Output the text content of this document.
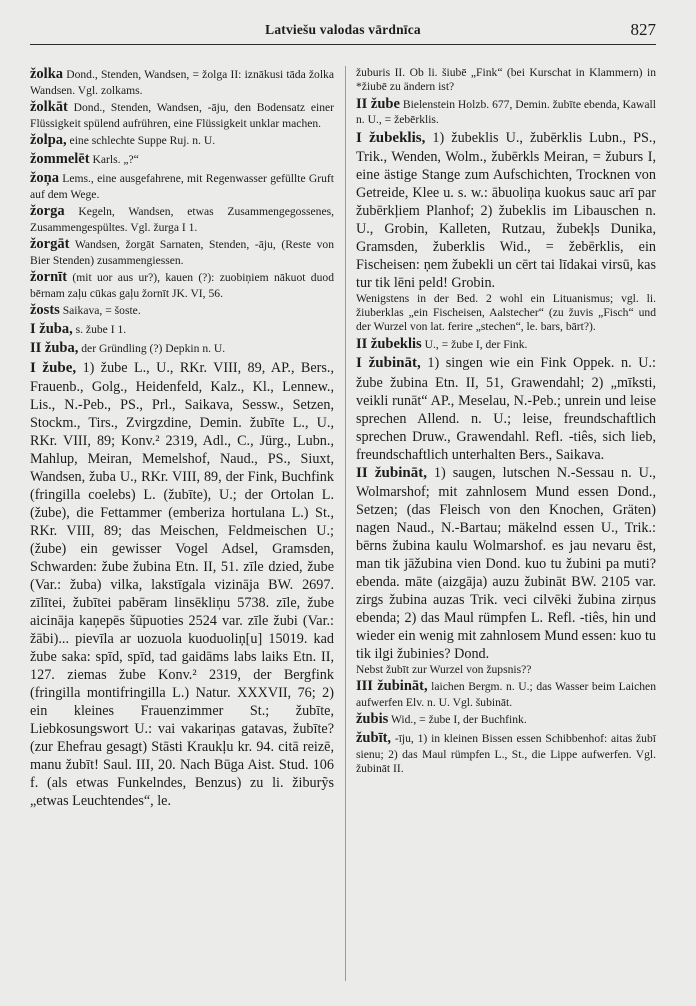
Latviešu valodas vārdnīca	827

žolka Dond., Stenden, Wandsen, = žolga II: iznākusi tāda žolka Wandsen. Vgl. zolkams.

žolkāt Dond., Stenden, Wandsen, -āju, den Bodensatz einer Flüssigkeit spülend aufrühren, eine Flüssigkeit unklar machen.

žolpa, eine schlechte Suppe Ruj. n. U.

žommelēt Karls. „?“

žoņa Lems., eine ausgefahrene, mit Regenwasser gefüllte Gruft auf dem Wege.

žorga Kegeln, Wandsen, etwas Zusammengegossenes, Zusammengespültes. Vgl. žurga I 1.

žorgāt Wandsen, žorgāt Sarnaten, Stenden, -āju, (Reste von Bier Stenden) zusammengiessen.

žornīt (mit uor aus ur?), kauen (?): zuobiņiem nākuot duod bērnam zaļu cūkas gaļu žornīt JK. VI, 56.

žosts Saikava, = šoste.

I žuba, s. žube I 1.

II žuba, der Gründling (?) Depkin n. U.

I žube, 1) žube L., U., RKr. VIII, 89, AP., Bers., Frauenb., Golg., Heidenfeld, Kalz., Kl., Lennew., Lis., N.-Peb., PS., Prl., Saikava, Sessw., Setzen, Stockm., Tirs., Zvirgzdine, Demin. žubīte L., U., RKr. VIII, 89; Konv.² 2319, Adl., C., Jürg., Lubn., Mahlup, Meiran, Memelshof, Naud., PS., Siuxt, Wandsen, žuba U., RKr. VIII, 89, der Fink, Buchfink (fringilla coelebs) L. (žubīte), U.; der Ortolan L. (žube), die Fettammer (emberiza hortulana L.) St., RKr. VIII, 89; das Meischen, Feldmeischen U.; (žube) ein gewisser Vogel Adsel, Gramsden, Schwarden: žube žubina Etn. II, 51. zīle dzied, žube (Var.: žuba) vilka, lakstīgala vizināja BW. 2697. zīlītei, žubītei pabēram linsēkliņu 5738. zīle, žube aicināja kaņepēs šūpuoties 2524 var. zīle žubi (Var.: žābi)... pievīla ar uozuola kuoduoliņ[u] 15019. kad žube saka: spīd, spīd, tad gaidāms labs laiks Etn. II, 127. ziemas žube Konv.² 2319, der Bergfink (fringilla montifringilla L.) Natur. XXXVII, 76; 2) ein kleines Frauenzimmer St.; žubīte, Liebkosungswort U.: vai vakariņas gatavas, žubīte? (zur Ehefrau gesagt) Stāsti Kraukļu kr. 94. citā reizē, manu žubīt! Saul. III, 20. Nach Būga Aist. Stud. 106 f. (als etwas Funkelndes, Benzus) zu li. žiburỹs „etwas Leuchtendes“, le.

žuburis II. Ob li. šiubē „Fink“ (bei Kurschat in Klammern) in *žiubē zu ändern ist?

II žube Bielenstein Holzb. 677, Demin. žubīte ebenda, Kawall n. U., = žebērklis.

I žubeklis, 1) žubeklis U., žubērklis Lubn., PS., Trik., Wenden, Wolm., žubērkls Meiran, = žuburs I, eine ästige Stange zum Aufschichten, Trocknen von Getreide, Klee u. s. w.: ābuoliņa kuokus sauc arī par žubērkļiem Planhof; 2) žubeklis im Libauschen n. U., Grobin, Kalleten, Rutzau, žubekļs Dunika, Gramsden, žuberklis Wid., = žebērklis, ein Fischeisen: ņem žubekli un cērt tai līdakai virsū, kas tur tik lēni peld! Grobin.

Wenigstens in der Bed. 2 wohl ein Lituanismus; vgl. li. žiuberklas „ein Fischeisen, Aalstecher“ (zu žuvis „Fisch“ und der Wurzel von lat. ferire „stechen“, le. bars, bārt?).

II žubeklis U., = žube I, der Fink.

I žubināt, 1) singen wie ein Fink Oppek. n. U.: žube žubina Etn. II, 51, Grawendahl; 2) „mīksti, veikli runāt“ AP., Meselau, N.-Peb.; unrein und leise sprechen Allend. n. U.; leise, freundschaftlich sprechen Druw., Grawendahl. Refl. -tiês, sich lieb, freundschaftlich unterhalten Bers., Saikava.

II žubināt, 1) saugen, lutschen N.-Sessau n. U., Wolmarshof; mit zahnlosem Mund essen Dond., Setzen; (das Fleisch von den Knochen, Gräten) nagen Naud., N.-Bartau; mäkelnd essen U., Trik.: bērns žubina kaulu Wolmarshof. es jau nevaru ēst, man tik jāžubina vien Dond. kuo tu žubini pa muti? ebenda. māte (aizgāja) auzu žubināt BW. 2105 var. zirgs žubina auzas Trik. veci cilvēki žubina zirņus ebenda; 2) das Maul rümpfen L. Refl. -tiês, hin und wieder ein wenig mit zahnlosem Mund essen: kuo tu tik ilgi žubinies? Dond.

Nebst žubīt zur Wurzel von župsnis??

III žubināt, laichen Bergm. n. U.; das Wasser beim Laichen aufwerfen Elv. n. U. Vgl. šubināt.

žubis Wid., = žube I, der Buchfink.

žubīt, -īju, 1) in kleinen Bissen essen Schibbenhof: aitas žubī sienu; 2) das Maul rümpfen L., St., die Lippe aufwerfen. Vgl. žubināt II.
